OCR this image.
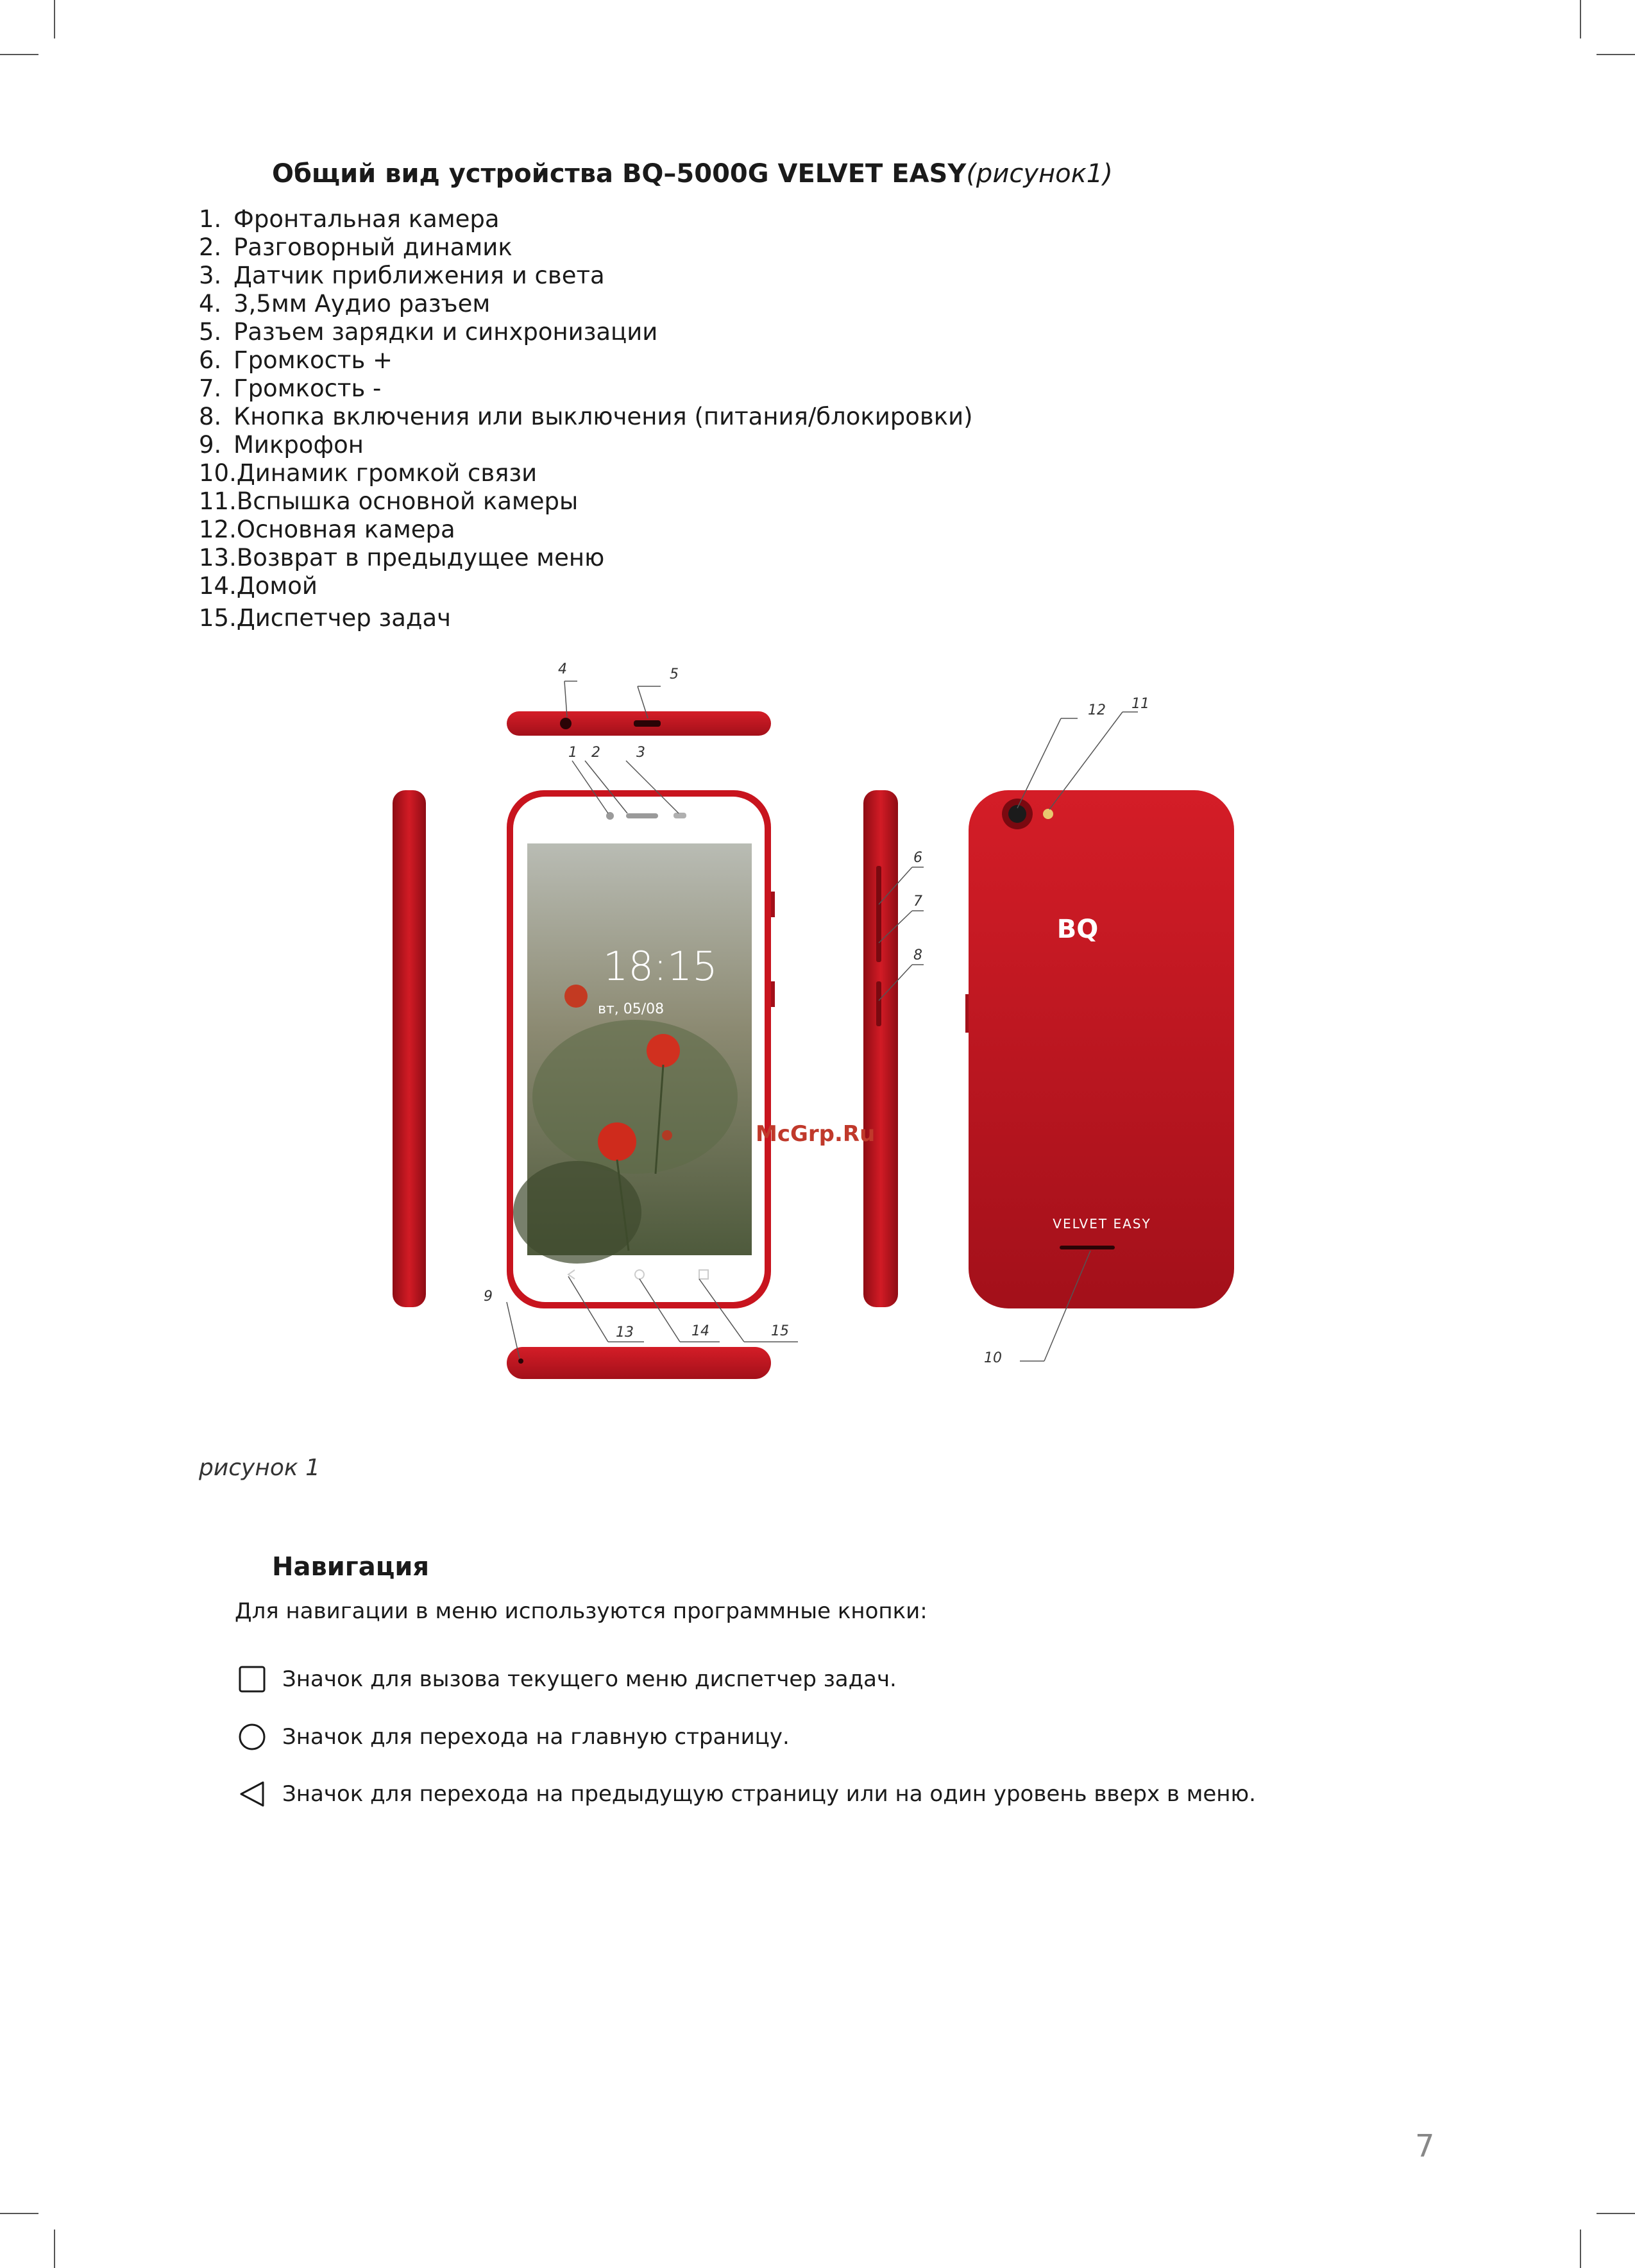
Общий вид устройства BQ–5000G VELVET EASY(рисунок1)
1. Фронтальная камера
2. Разговорный динамик
3. Датчик приближения и света
4. 3,5мм Аудио разъем
5. Разъем зарядки и синхронизации
6. Громкость +
7. Громкость -
8. Кнопка включения или выключения (питания/блокировки)
9. Микрофон
10. Динамик громкой связи
11. Вспышка основной камеры
12. Основная камера
13. Возврат в предыдущее меню
14. Домой
15. Диспетчер задач
18:15
вт, 05/08
BQ
VELVET EASY
4	5
1 2	3
6
7
8
12 11
9
13	14	15
10
McGrp.Ru
рисунок 1
Навигация
Для навигации в меню используются программные кнопки:
Значок для вызова текущего меню диспетчер задач.
Значок для перехода на главную страницу.
Значок для перехода на предыдущую страницу или на один уровень вверх в меню.
7
